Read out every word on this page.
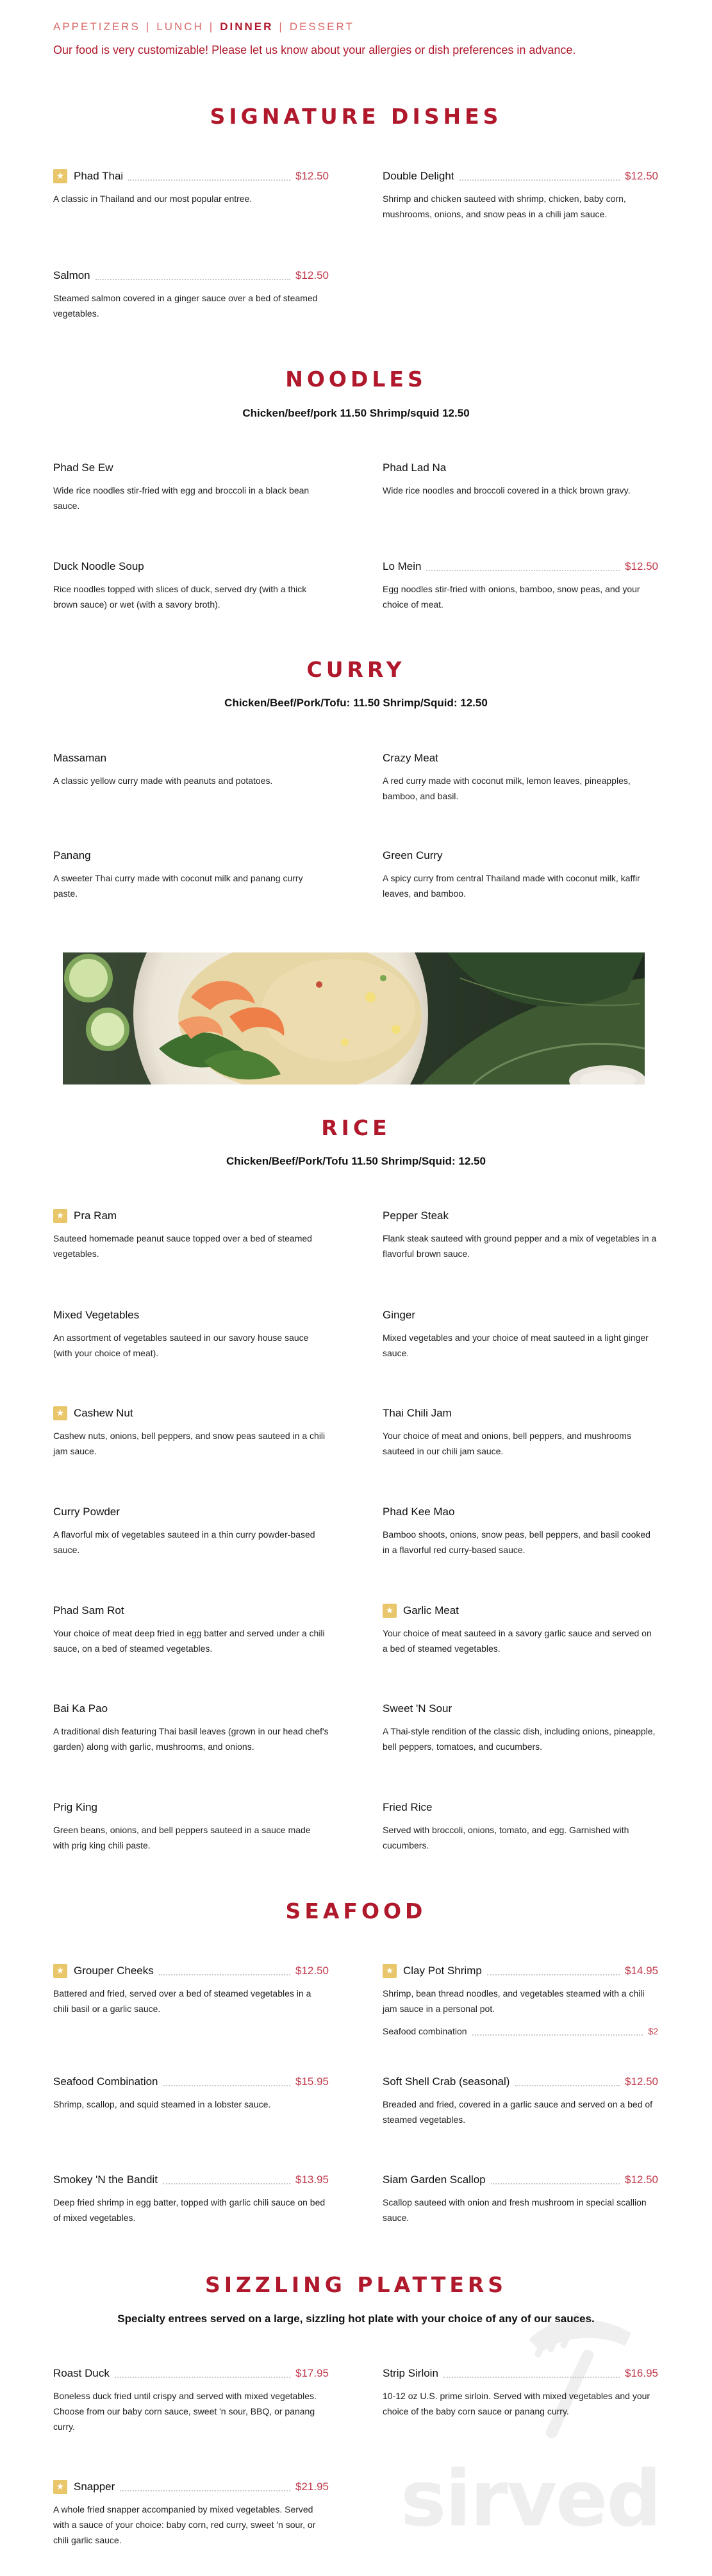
APPETIZERS | LUNCH | DINNER | DESSERT
Our food is very customizable! Please let us know about your allergies or dish preferences in advance.
SIGNATURE DISHES
★ Phad Thai	$12.50
A classic in Thailand and our most popular entree.
Double Delight	$12.50
Shrimp and chicken sauteed with shrimp, chicken, baby corn, mushrooms, onions, and snow peas in a chili jam sauce.
Salmon	$12.50
Steamed salmon covered in a ginger sauce over a bed of steamed vegetables.
NOODLES
Chicken/beef/pork 11.50 Shrimp/squid 12.50
Phad Se Ew
Wide rice noodles stir-fried with egg and broccoli in a black bean sauce.
Phad Lad Na
Wide rice noodles and broccoli covered in a thick brown gravy.
Duck Noodle Soup
Rice noodles topped with slices of duck, served dry (with a thick brown sauce) or wet (with a savory broth).
Lo Mein	$12.50
Egg noodles stir-fried with onions, bamboo, snow peas, and your choice of meat.
CURRY
Chicken/Beef/Pork/Tofu: 11.50 Shrimp/Squid: 12.50
Massaman
A classic yellow curry made with peanuts and potatoes.
Crazy Meat
A red curry made with coconut milk, lemon leaves, pineapples, bamboo, and basil.
Panang
A sweeter Thai curry made with coconut milk and panang curry paste.
Green Curry
A spicy curry from central Thailand made with coconut milk, kaffir leaves, and bamboo.
RICE
Chicken/Beef/Pork/Tofu 11.50 Shrimp/Squid: 12.50
★ Pra Ram
Sauteed homemade peanut sauce topped over a bed of steamed vegetables.
Pepper Steak
Flank steak sauteed with ground pepper and a mix of vegetables in a flavorful brown sauce.
Mixed Vegetables
An assortment of vegetables sauteed in our savory house sauce (with your choice of meat).
Ginger
Mixed vegetables and your choice of meat sauteed in a light ginger sauce.
★ Cashew Nut
Cashew nuts, onions, bell peppers, and snow peas sauteed in a chili jam sauce.
Thai Chili Jam
Your choice of meat and onions, bell peppers, and mushrooms sauteed in our chili jam sauce.
Curry Powder
A flavorful mix of vegetables sauteed in a thin curry powder-based sauce.
Phad Kee Mao
Bamboo shoots, onions, snow peas, bell peppers, and basil cooked in a flavorful red curry-based sauce.
Phad Sam Rot
Your choice of meat deep fried in egg batter and served under a chili sauce, on a bed of steamed vegetables.
★ Garlic Meat
Your choice of meat sauteed in a savory garlic sauce and served on a bed of steamed vegetables.
Bai Ka Pao
A traditional dish featuring Thai basil leaves (grown in our head chef's garden) along with garlic, mushrooms, and onions.
Sweet 'N Sour
A Thai-style rendition of the classic dish, including onions, pineapple, bell peppers, tomatoes, and cucumbers.
Prig King
Green beans, onions, and bell peppers sauteed in a sauce made with prig king chili paste.
Fried Rice
Served with broccoli, onions, tomato, and egg. Garnished with cucumbers.
SEAFOOD
★ Grouper Cheeks	$12.50
Battered and fried, served over a bed of steamed vegetables in a chili basil or a garlic sauce.
★ Clay Pot Shrimp	$14.95
Shrimp, bean thread noodles, and vegetables steamed with a chili jam sauce in a personal pot.
Seafood combination	$2
Seafood Combination	$15.95
Shrimp, scallop, and squid steamed in a lobster sauce.
Soft Shell Crab (seasonal)	$12.50
Breaded and fried, covered in a garlic sauce and served on a bed of steamed vegetables.
Smokey 'N the Bandit	$13.95
Deep fried shrimp in egg batter, topped with garlic chili sauce on bed of mixed vegetables.
Siam Garden Scallop	$12.50
Scallop sauteed with onion and fresh mushroom in special scallion sauce.
sirved
SIZZLING PLATTERS
Specialty entrees served on a large, sizzling hot plate with your choice of any of our sauces.
Roast Duck	$17.95
Boneless duck fried until crispy and served with mixed vegetables. Choose from our baby corn sauce, sweet 'n sour, BBQ, or panang curry.
Strip Sirloin	$16.95
10-12 oz U.S. prime sirloin. Served with mixed vegetables and your choice of the baby corn sauce or panang curry.
★ Snapper	$21.95
A whole fried snapper accompanied by mixed vegetables. Served with a sauce of your choice: baby corn, red curry, sweet 'n sour, or chili garlic sauce.
